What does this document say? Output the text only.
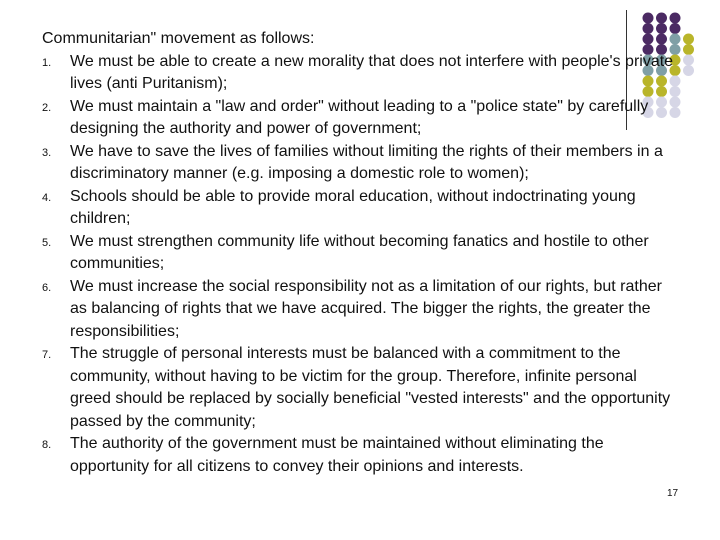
Communitarian" movement as follows:
1.	We must be able to create a new morality that does not interfere with people's private lives (anti Puritanism);
2.	We must maintain a "law and order" without leading to a "police state" by carefully designing the authority and power of government;
3.	We have to save the lives of families without limiting the rights of their members in a discriminatory manner (e.g. imposing a domestic role to women);
4.	Schools should be able to provide moral education, without indoctrinating young children;
5.	We must strengthen community life without becoming fanatics and hostile to other communities;
6.	We must increase the social responsibility not as a limitation of our rights, but rather as balancing of rights that we have acquired. The bigger the rights, the greater the responsibilities;
7.	The struggle of personal interests must be balanced with a commitment to the community, without having to be victim for the group. Therefore, infinite personal greed should be replaced by socially beneficial "vested interests" and the opportunity passed by the community;
8.	The authority of the government must be maintained without eliminating the opportunity for all citizens to convey their opinions and interests.
17
